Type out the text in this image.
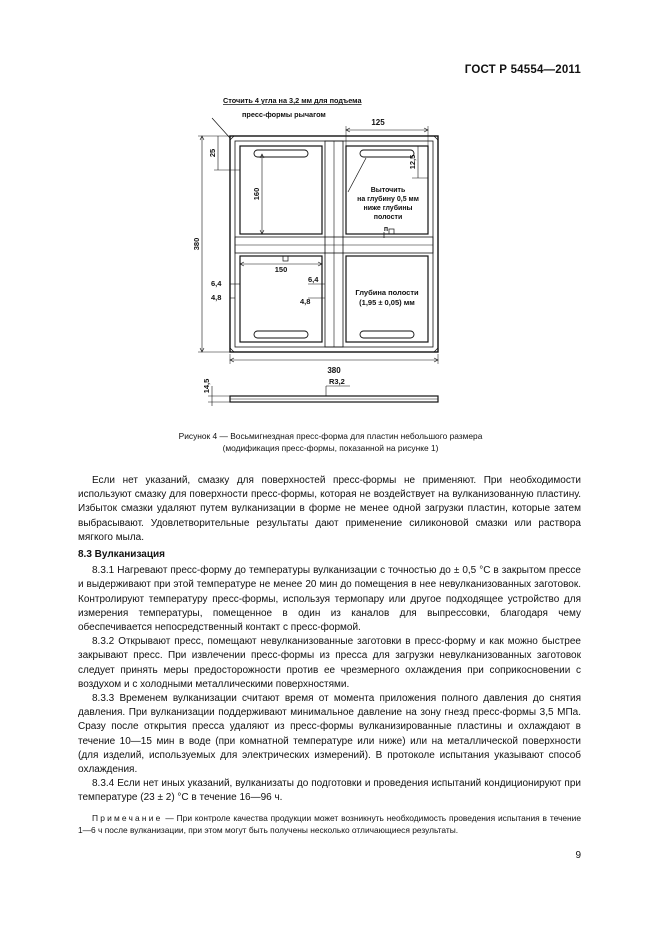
ГОСТ Р 54554—2011
Сточить 4 угла на 3,2 мм для подъема
пресс-формы рычагом
125
25
160
12,5
Выточить
на глубину 0,5 мм
ниже глубины
полости
п
380
150
6,4
4,8
6,4
4,8
Глубина полости
(1,95 ± 0,05) мм
380
14,5	R3,2
Рисунок 4 — Восьмигнездная пресс-форма для пластин небольшого размера
(модификация пресс-формы, показанной на рисунке 1)

Если нет указаний, смазку для поверхностей пресс-формы не применяют. При необходимости используют смазку для поверхности пресс-формы, которая не воздействует на вулканизованную пластину. Избыток смазки удаляют путем вулканизации в форме не менее одной загрузки пластин, которые затем выбрасывают. Удовлетворительные результаты дают применение силиконовой смазки или раствора мягкого мыла.

8.3 Вулканизация

8.3.1 Нагревают пресс-форму до температуры вулканизации с точностью до ± 0,5 °С в закрытом прессе и выдерживают при этой температуре не менее 20 мин до помещения в нее невулканизованных заготовок. Контролируют температуру пресс-формы, используя термопару или другое подходящее устройство для измерения температуры, помещенное в один из каналов для выпрессовки, благодаря чему обеспечивается непосредственный контакт с пресс-формой.

8.3.2 Открывают пресс, помещают невулканизованные заготовки в пресс-форму и как можно быстрее закрывают пресс. При извлечении пресс-формы из пресса для загрузки невулканизованных заготовок следует принять меры предосторожности против ее чрезмерного охлаждения при соприкосновении с воздухом и с холодными металлическими поверхностями.

8.3.3 Временем вулканизации считают время от момента приложения полного давления до снятия давления. При вулканизации поддерживают минимальное давление на зону гнезд пресс-формы 3,5 МПа. Сразу после открытия пресса удаляют из пресс-формы вулканизированные пластины и охлаждают в течение 10—15 мин в воде (при комнатной температуре или ниже) или на металлической поверхности (для изделий, используемых для электрических измерений). В протоколе испытания указывают способ охлаждения.

8.3.4 Если нет иных указаний, вулканизаты до подготовки и проведения испытаний кондиционируют при температуре (23 ± 2) °С в течение 16—96 ч.

Примечание — При контроле качества продукции может возникнуть необходимость проведения испытания в течение 1—6 ч после вулканизации, при этом могут быть получены несколько отличающиеся результаты.

9
